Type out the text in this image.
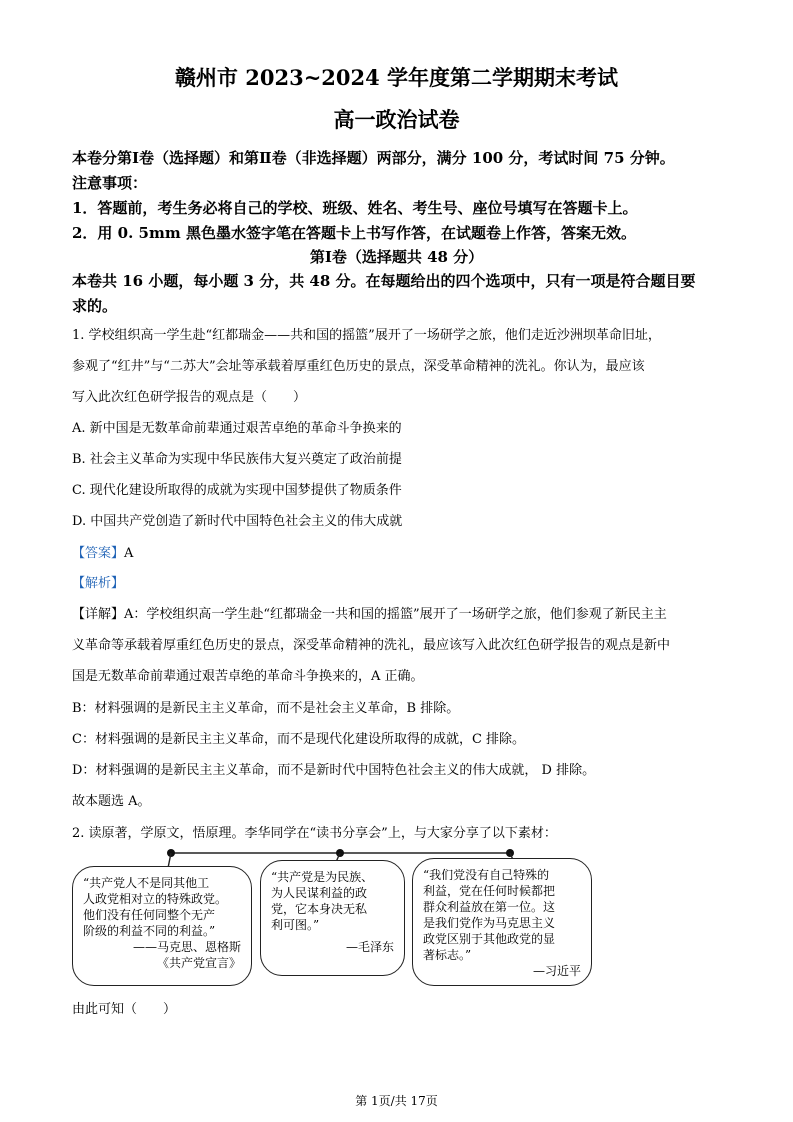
赣州市 2023~2024 学年度第二学期期末考试
高一政治试卷
本卷分第Ⅰ卷（选择题）和第Ⅱ卷（非选择题）两部分，满分 100 分，考试时间 75 分钟。
注意事项：
1．答题前，考生务必将自己的学校、班级、姓名、考生号、座位号填写在答题卡上。
2．用 0. 5mm 黑色墨水签字笔在答题卡上书写作答，在试题卷上作答，答案无效。
第Ⅰ卷（选择题共 48 分）
本卷共 16 小题，每小题 3 分，共 48 分。在每题给出的四个选项中，只有一项是符合题目要
求的。
1. 学校组织高一学生赴“红都瑞金——共和国的摇篮”展开了一场研学之旅，他们走近沙洲坝革命旧址，
参观了“红井”与“二苏大”会址等承载着厚重红色历史的景点，深受革命精神的洗礼。你认为，最应该
写入此次红色研学报告的观点是（　　）
A. 新中国是无数革命前辈通过艰苦卓绝的革命斗争换来的
B. 社会主义革命为实现中华民族伟大复兴奠定了政治前提
C. 现代化建设所取得的成就为实现中国梦提供了物质条件
D. 中国共产党创造了新时代中国特色社会主义的伟大成就
【答案】A
【解析】
【详解】A：学校组织高一学生赴“红都瑞金一共和国的摇篮”展开了一场研学之旅，他们参观了新民主主
义革命等承载着厚重红色历史的景点，深受革命精神的洗礼，最应该写入此次红色研学报告的观点是新中
国是无数革命前辈通过艰苦卓绝的革命斗争换来的，A 正确。
B：材料强调的是新民主主义革命，而不是社会主义革命，B 排除。
C：材料强调的是新民主主义革命，而不是现代化建设所取得的成就，C 排除。
D：材料强调的是新民主主义革命，而不是新时代中国特色社会主义的伟大成就， D 排除。
故本题选 A。
2. 读原著，学原文，悟原理。李华同学在“读书分享会”上，与大家分享了以下素材：
“共产党人不是同其他工
人政党相对立的特殊政党。
他们没有任何同整个无产
阶级的利益不同的利益。”
——马克思、恩格斯
《共产党宣言》
“共产党是为民族、
为人民谋利益的政
党，它本身决无私
利可图。”
—毛泽东
“我们党没有自己特殊的
利益，党在任何时候都把
群众利益放在第一位。这
是我们党作为马克思主义
政党区别于其他政党的显
著标志。”
—习近平
由此可知（　　）
第 1页/共 17页
